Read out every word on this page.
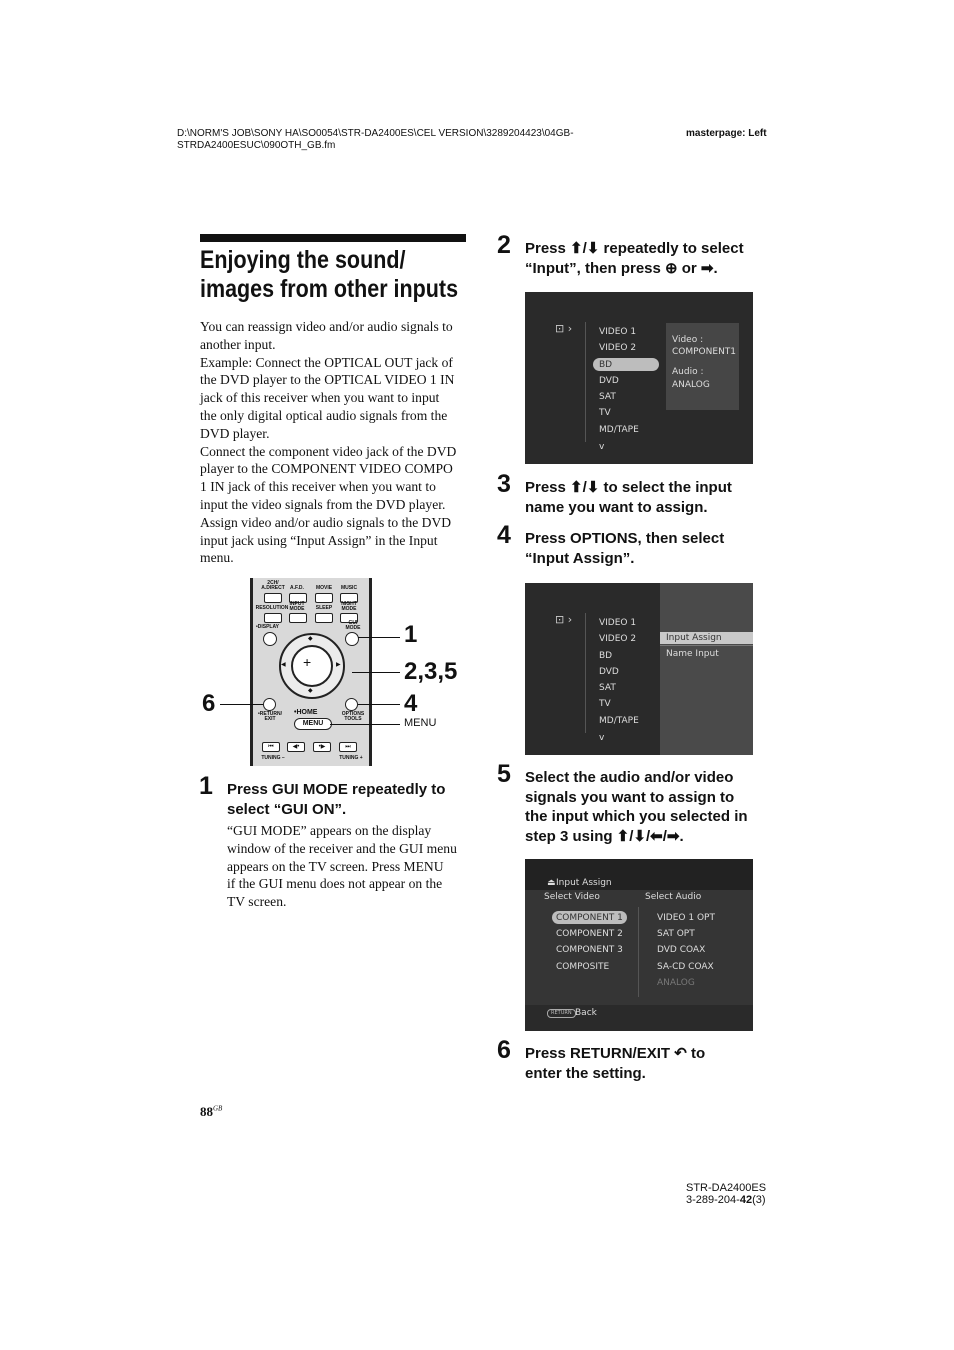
D:\NORM'S JOB\SONY HA\SO0054\STR-DA2400ES\CEL VERSION\3289204423\04GB-
STRDA2400ESUC\090OTH_GB.fm
masterpage: Left
Enjoying the sound/
images from other inputs
You can reassign video and/or audio signals to
another input.
Example: Connect the OPTICAL OUT jack of
the DVD player to the OPTICAL VIDEO 1 IN
jack of this receiver when you want to input
the only digital optical audio signals from the
DVD player.
Connect the component video jack of the DVD
player to the COMPONENT VIDEO COMPO
1 IN jack of this receiver when you want to
input the video signals from the DVD player.
Assign video and/or audio signals to the DVD
input jack using “Input Assign” in the Input
menu.
2CH/ A.DIRECT	A.F.D.	MOVIE	MUSIC
RESOLUTION
INPUT MODE	SLEEP
NIGHT MODE
•DISPLAY
GUI MODE
+
◆
◆
◀	▶
•RETURN/ EXIT
OPTIONS TOOLS
•HOME
MENU
⏮	◀•	•▶	⏭
TUNING –	TUNING +
1
2,3,5
4
6
MENU
1 Press GUI MODE repeatedly to
select “GUI ON”.
“GUI MODE” appears on the display
window of the receiver and the GUI menu
appears on the TV screen. Press MENU
if the GUI menu does not appear on the
TV screen.
2 Press ⬆/⬇ repeatedly to select
“Input”, then press ⊕ or ➡.
⊡ ›	VIDEO 1
VIDEO 2
BD
DVD
SAT
TV
MD/TAPE
v
Video :
COMPONENT1
Audio :
ANALOG
3 Press ⬆/⬇ to select the input
name you want to assign.
4 Press OPTIONS, then select
“Input Assign”.
⊡ ›	VIDEO 1
VIDEO 2
BD
DVD
SAT
TV
MD/TAPE
v
Input Assign
Name Input
5 Select the audio and/or video
signals you want to assign to
the input which you selected in
step 3 using ⬆/⬇/⬅/➡.
⏏ Input Assign
Select Video	Select Audio
COMPONENT 1
COMPONENT 2
COMPONENT 3
COMPOSITE
VIDEO 1 OPT
SAT OPT
DVD COAX
SA-CD COAX
ANALOG
RETURN Back
6 Press RETURN/EXIT ↶ to
enter the setting.
$88^{GB}$
STR-DA2400ES
3-289-204-42(3)
